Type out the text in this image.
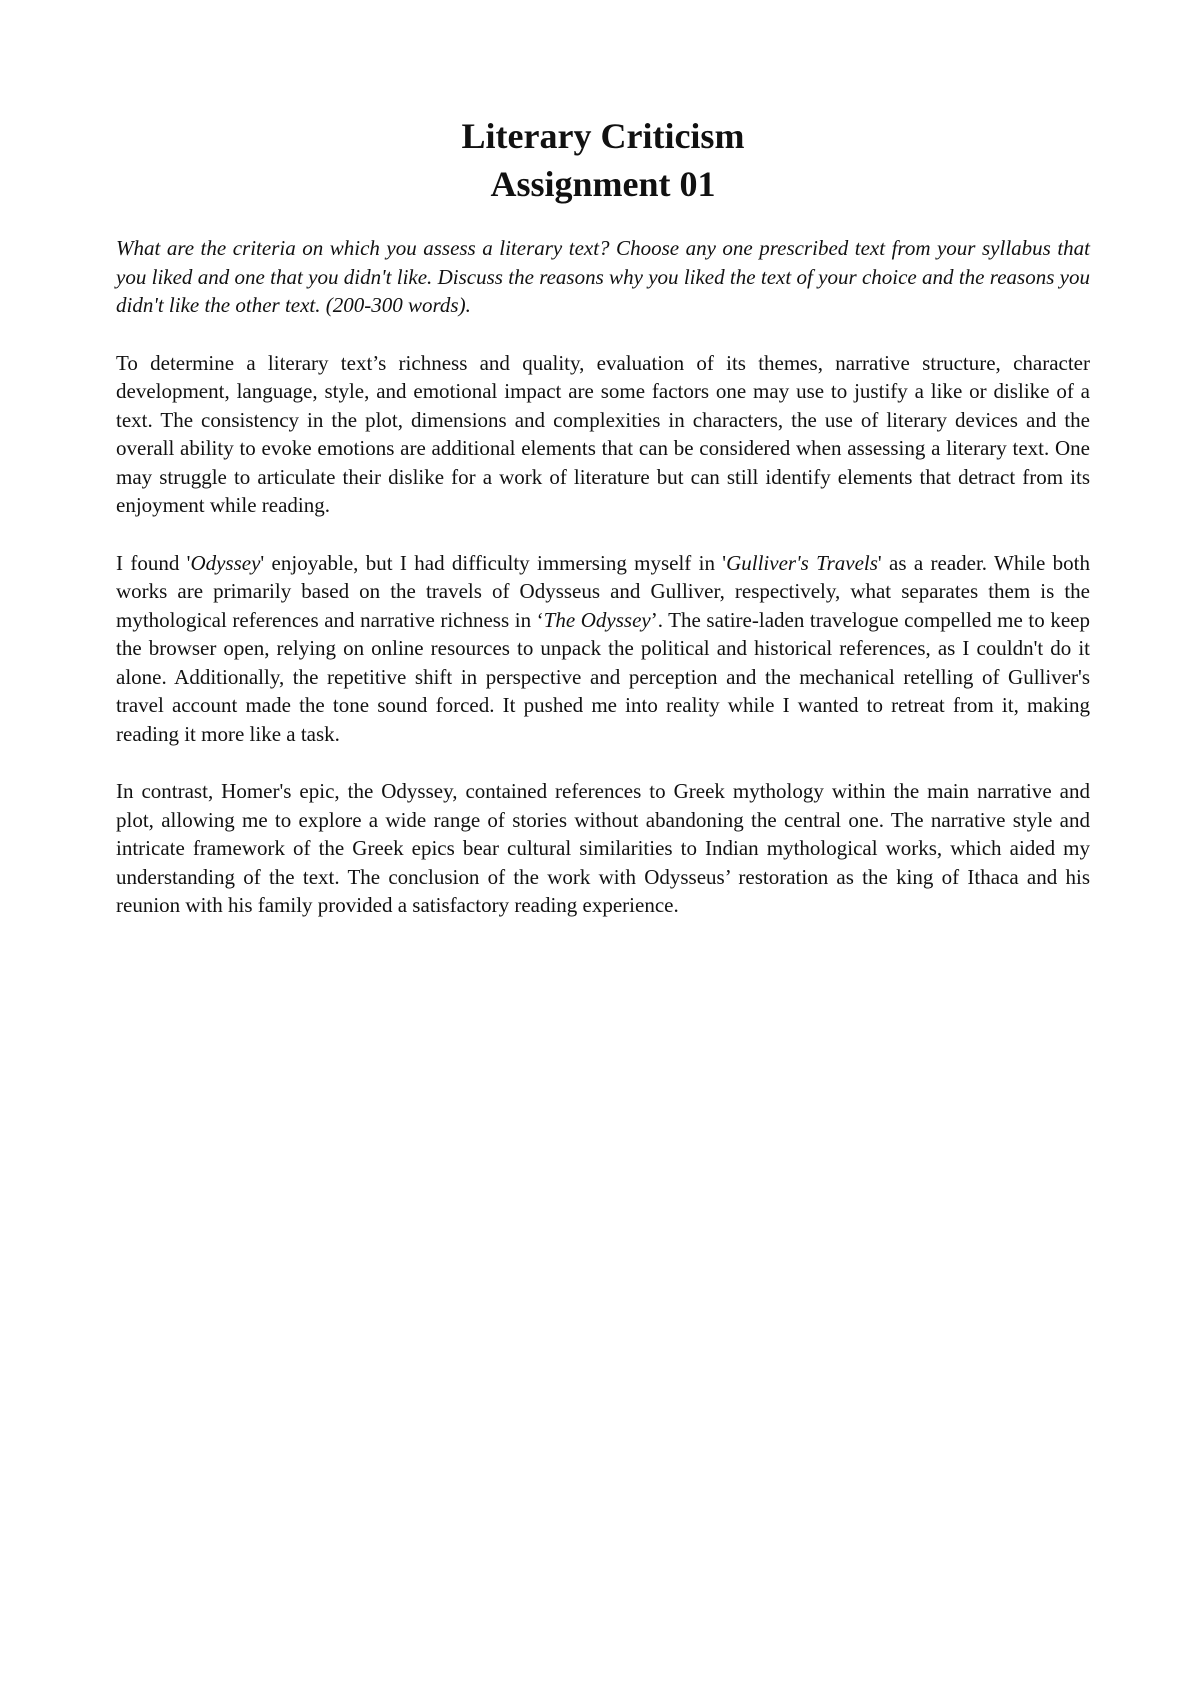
Literary Criticism
Assignment 01

What are the criteria on which you assess a literary text? Choose any one prescribed text from your syllabus that you liked and one that you didn't like. Discuss the reasons why you liked the text of your choice and the reasons you didn't like the other text. (200-300 words).

To determine a literary text’s richness and quality, evaluation of its themes, narrative structure, character development, language, style, and emotional impact are some factors one may use to justify a like or dislike of a text. The consistency in the plot, dimensions and complexities in characters, the use of literary devices and the overall ability to evoke emotions are additional elements that can be considered when assessing a literary text. One may struggle to articulate their dislike for a work of literature but can still identify elements that detract from its enjoyment while reading.

I found 'Odyssey' enjoyable, but I had difficulty immersing myself in 'Gulliver's Travels' as a reader. While both works are primarily based on the travels of Odysseus and Gulliver, respectively, what separates them is the mythological references and narrative richness in ‘The Odyssey’. The satire-laden travelogue compelled me to keep the browser open, relying on online resources to unpack the political and historical references, as I couldn't do it alone. Additionally, the repetitive shift in perspective and perception and the mechanical retelling of Gulliver's travel account made the tone sound forced. It pushed me into reality while I wanted to retreat from it, making reading it more like a task.

In contrast, Homer's epic, the Odyssey, contained references to Greek mythology within the main narrative and plot, allowing me to explore a wide range of stories without abandoning the central one. The narrative style and intricate framework of the Greek epics bear cultural similarities to Indian mythological works, which aided my understanding of the text. The conclusion of the work with Odysseus’ restoration as the king of Ithaca and his reunion with his family provided a satisfactory reading experience.
